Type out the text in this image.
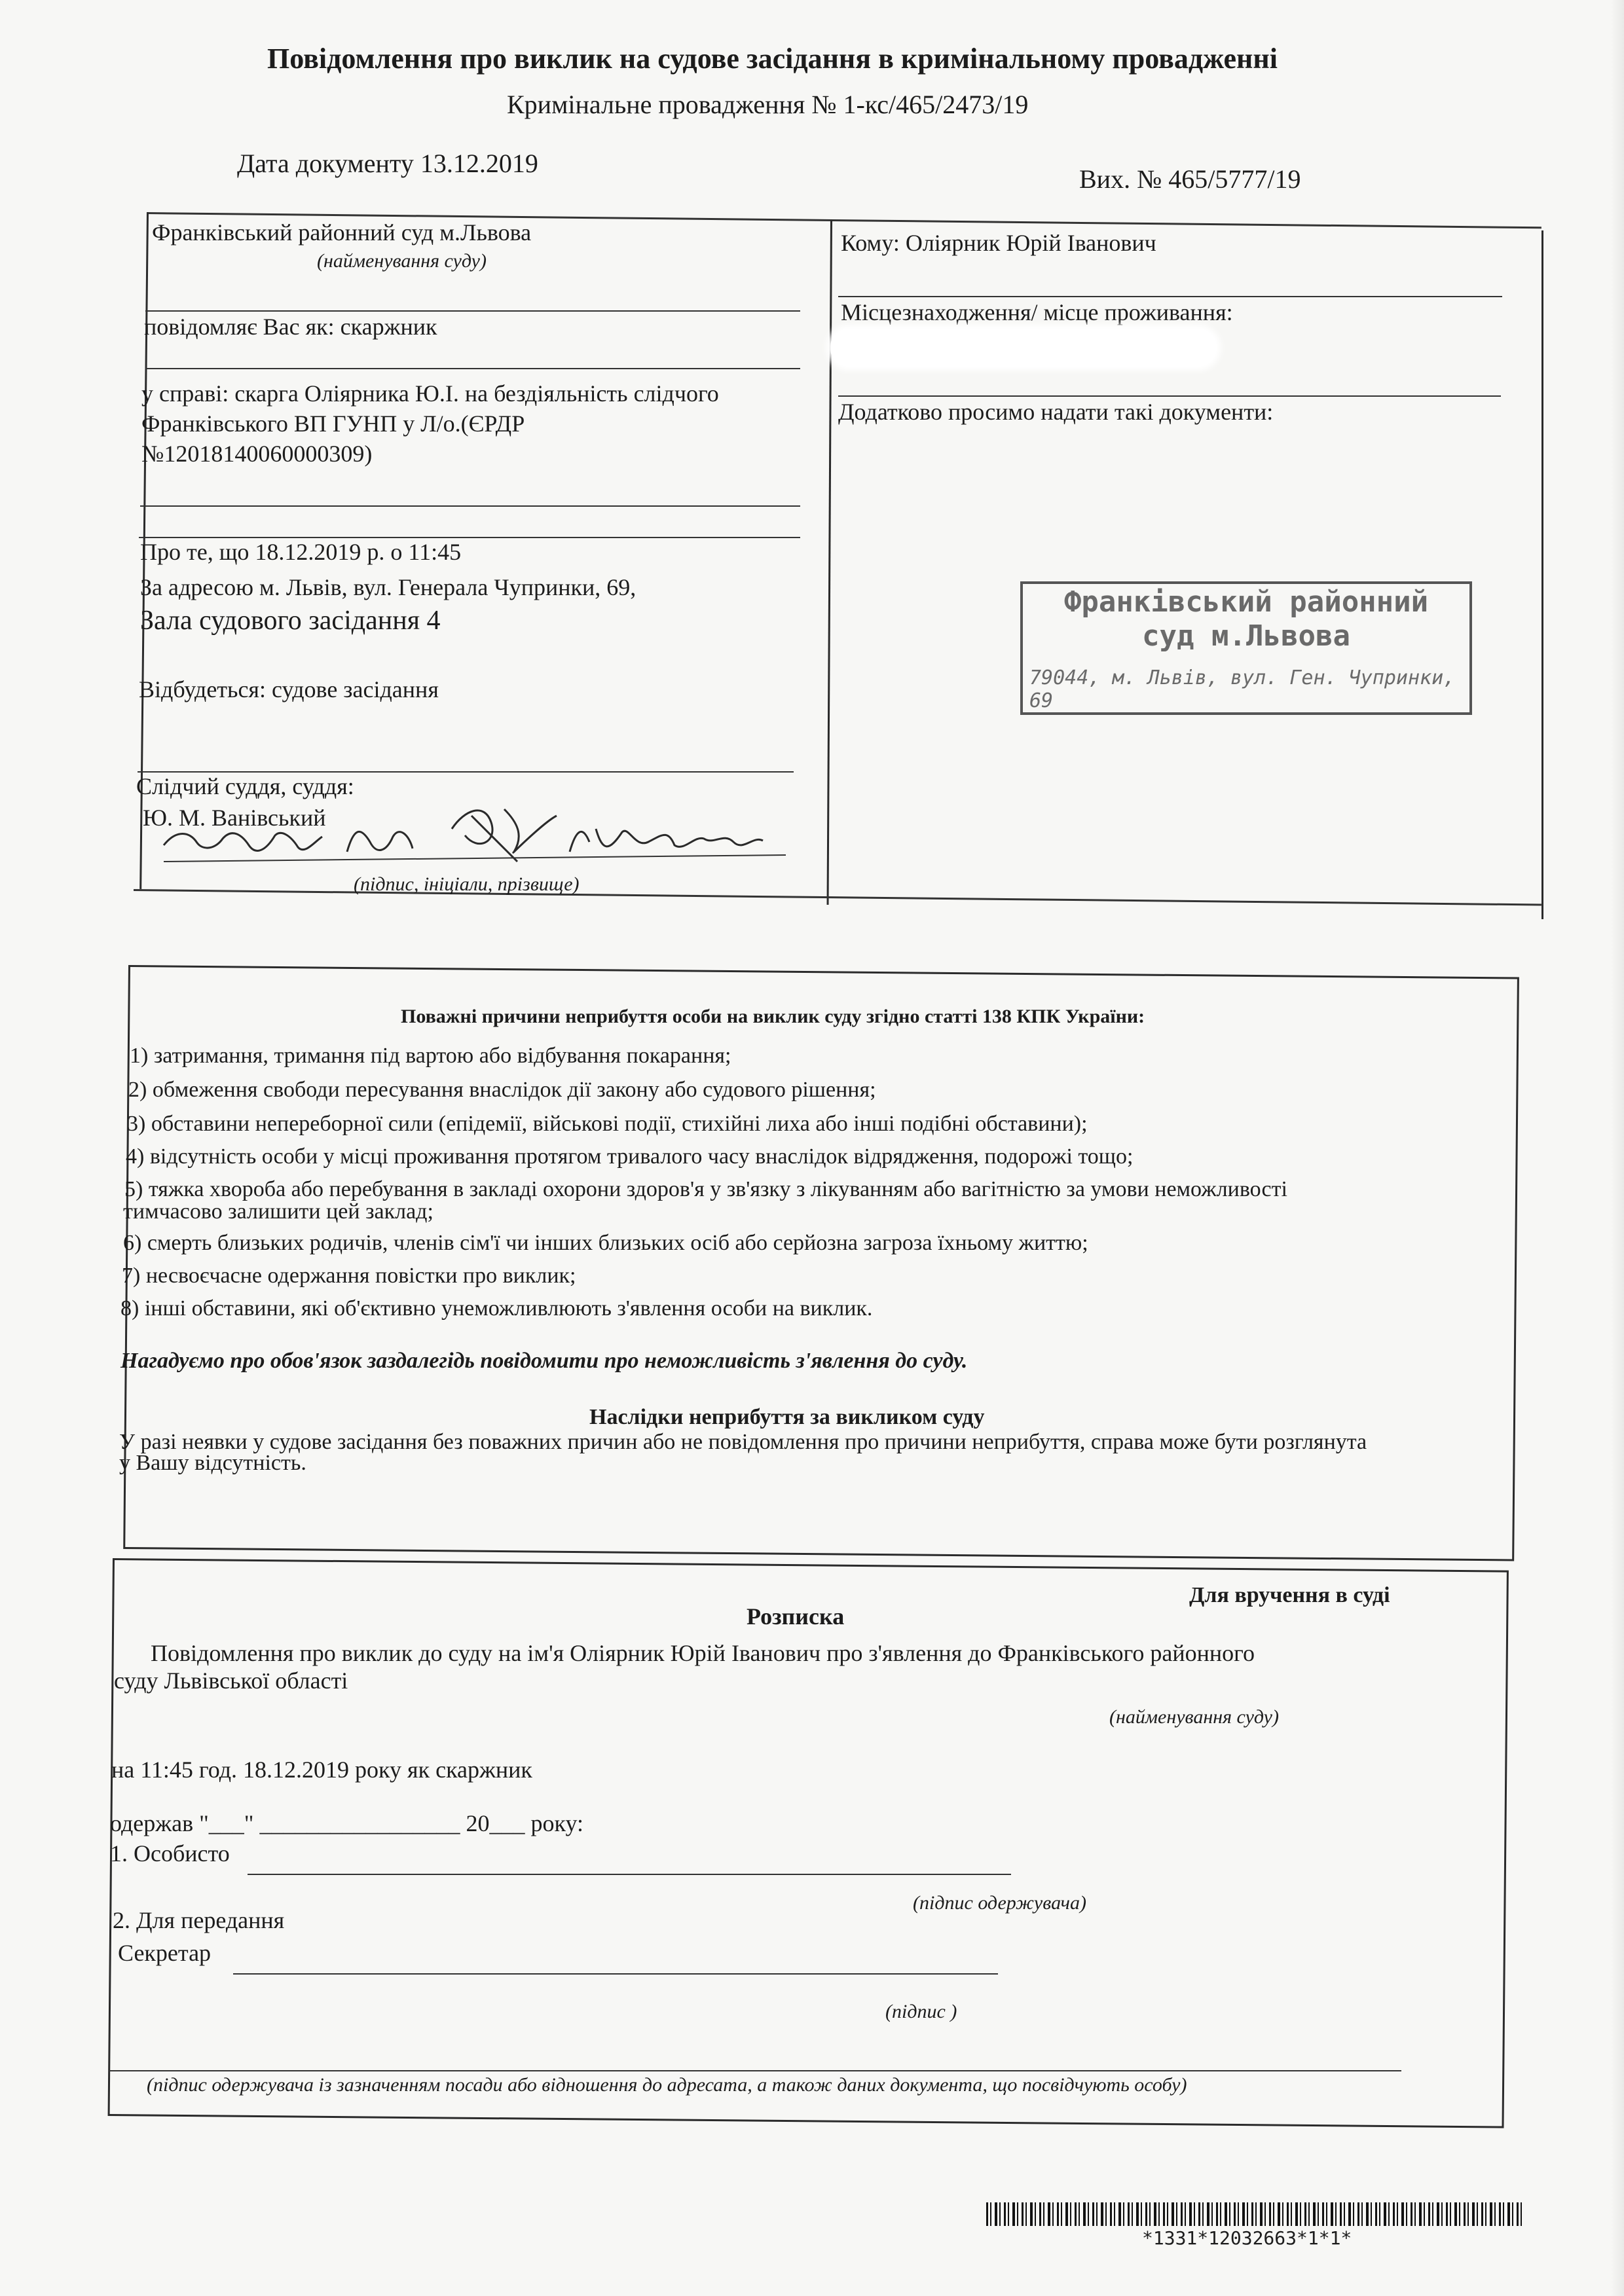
Повідомлення про виклик на судове засідання в кримінальному провадженні
Кримінальне провадження № 1-кс/465/2473/19
Дата документу 13.12.2019
Вих. № 465/5777/19
Франківський районний суд м.Львова
(найменування суду)
повідомляє Вас як: скаржник
у справі: скарга Оліярника Ю.І. на бездіяльність слідчого
Франківського ВП ГУНП у Л/о.(ЄРДР
№12018140060000309)
Про те, що 18.12.2019 р. о 11:45
За адресою м. Львів, вул. Генерала Чупринки, 69,
Зала судового засідання 4
Відбудеться: судове засідання
Слідчий суддя, суддя:
Ю. М. Ванівський
(підпис, ініціали, прізвище)
Кому: Оліярник Юрій Іванович
Місцезнаходження/ місце проживання:
Додатково просимо надати такі документи:
Франківський районний
суд м.Львова
79044, м. Львів, вул. Ген. Чупринки, 69
Поважні причини неприбуття особи на виклик суду згідно статті 138 КПК України:
1) затримання, тримання під вартою або відбування покарання;
2) обмеження свободи пересування внаслідок дії закону або судового рішення;
3) обставини непереборної сили (епідемії, військові події, стихійні лиха або інші подібні обставини);
4) відсутність особи у місці проживання протягом тривалого часу внаслідок відрядження, подорожі тощо;
5) тяжка хвороба або перебування в закладі охорони здоров'я у зв'язку з лікуванням або вагітністю за умови неможливості
тимчасово залишити цей заклад;
6) смерть близьких родичів, членів сім'ї чи інших близьких осіб або серйозна загроза їхньому життю;
7) несвоєчасне одержання повістки про виклик;
8) інші обставини, які об'єктивно унеможливлюють з'явлення особи на виклик.
Нагадуємо про обов'язок заздалегідь повідомити про неможливість з'явлення до суду.
Наслідки неприбуття за викликом суду
У разі неявки у судове засідання без поважних причин або не повідомлення про причини неприбуття, справа може бути розглянута
у Вашу відсутність.
Для вручення в суді
Розписка
Повідомлення про виклик до суду на ім'я Оліярник Юрій Іванович про з'явлення до Франківського районного
суду Львівської області
(найменування суду)
на 11:45 год. 18.12.2019 року як скаржник
одержав "___" _________________ 20___ року:
1. Особисто
(підпис одержувача)
2. Для передання
Секретар
(підпис )
(підпис одержувача із зазначенням посади або відношення до адресата, а також даних документа, що посвідчують особу)
*1331*12032663*1*1*
